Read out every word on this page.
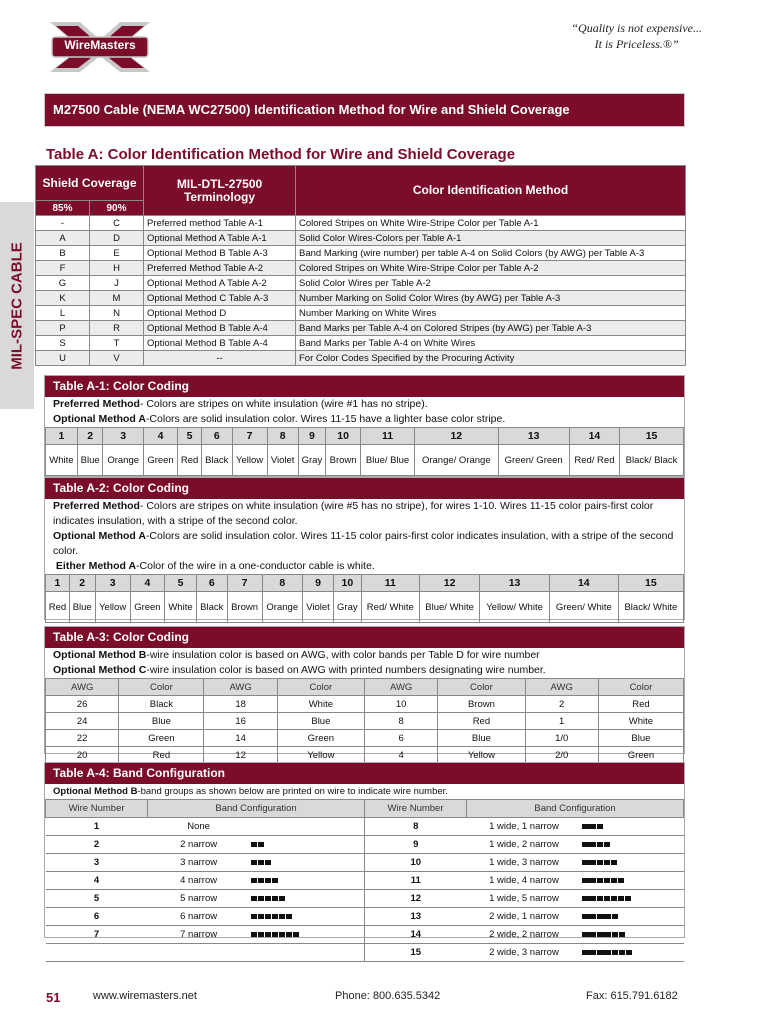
WireMasters
“Quality is not expensive...
It is Priceless.®”
M27500 Cable (NEMA WC27500) Identification Method for Wire and Shield Coverage
MIL-SPEC CABLE
Table A: Color Identification Method for Wire and Shield Coverage
Shield Coverage		MIL-DTL-27500 Terminology	Color Identification Method
85%	90%		
-	C	Preferred method Table A-1	Colored Stripes on White Wire-Stripe Color per Table A-1
A	D	Optional Method A Table A-1	Solid Color Wires-Colors per Table A-1
B	E	Optional Method B Table A-3	Band Marking (wire number) per table A-4 on Solid Colors (by AWG) per Table A-3
F	H	Preferred Method Table A-2	Colored Stripes on White Wire-Stripe Color per Table A-2
G	J	Optional Method A Table A-2	Solid Color Wires per Table A-2
K	M	Optional Method C Table A-3	Number Marking on Solid Color Wires (by AWG) per Table A-3
L	N	Optional Method D	Number Marking on White Wires
P	R	Optional Method B Table A-4	Band Marks per Table A-4 on Colored Stripes (by AWG) per Table A-3
S	T	Optional Method B Table A-4	Band Marks per Table A-4 on White Wires
U	V	--	For Color Codes Specified by the Procuring Activity
Table A-1: Color Coding

Preferred Method- Colors are stripes on white insulation (wire #1 has no stripe).

Optional Method A-Colors are solid insulation color. Wires 11-15 have a lighter base color stripe.

1	2	3	4	5	6	7	8	9	10	11	12	13	14	15
White	Blue	Orange	Green	Red	Black	Yellow	Violet	Gray	Brown	Blue/ Blue	Orange/ Orange	Green/ Green	Red/ Red	Black/ Black
Table A-2: Color Coding

Preferred Method- Colors are stripes on white insulation (wire #5 has no stripe), for wires 1-10. Wires 11-15 color pairs-first color indicates insulation, with a stripe of the second color.

Optional Method A-Colors are solid insulation color. Wires 11-15 color pairs-first color indicates insulation, with a stripe of the second color.

Either Method A-Color of the wire in a one-conductor cable is white.

1	2	3	4	5	6	7	8	9	10	11	12	13	14	15
Red	Blue	Yellow	Green	White	Black	Brown	Orange	Violet	Gray	Red/ White	Blue/ White	Yellow/ White	Green/ White	Black/ White
Table A-3: Color Coding

Optional Method B-wire insulation color is based on AWG, with color bands per Table D for wire number

Optional Method C-wire insulation color is based on AWG with printed numbers designating wire number.

AWG	Color	AWG	Color	AWG	Color	AWG	Color
26	Black	18	White	10	Brown	2	Red
24	Blue	16	Blue	8	Red	1	White
22	Green	14	Green	6	Blue	1/0	Blue
20	Red	12	Yellow	4	Yellow	2/0	Green
Table A-4: Band Configuration

Optional Method B-band groups as shown below are printed on wire to indicate wire number.

Wire Number	Band Configuration		Wire Number	Band Configuration	
1	None		8	1 wide, 1 narrow	
2	2 narrow		9	1 wide, 2 narrow	
3	3 narrow		10	1 wide, 3 narrow	
4	4 narrow		11	1 wide, 4 narrow	
5	5 narrow		12	1 wide, 5 narrow	
6	6 narrow		13	2 wide, 1 narrow	
7	7 narrow		14	2 wide, 2 narrow	
			15	2 wide, 3 narrow	
51	www.wiremasters.net	Phone: 800.635.5342	Fax: 615.791.6182
